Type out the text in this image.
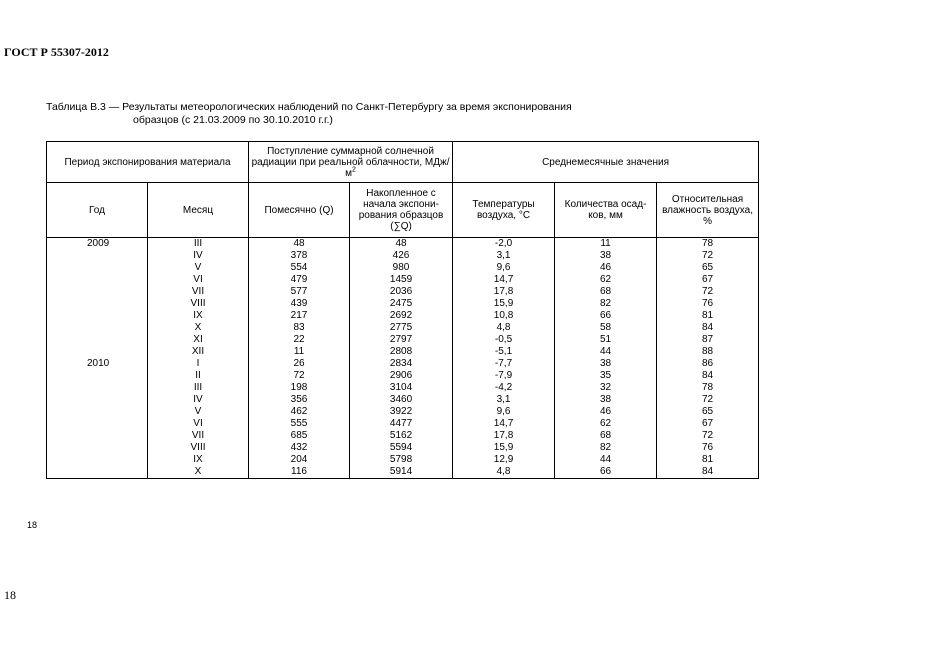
ГОСТ Р 55307-2012
Таблица В.3 — Результаты метеорологических наблюдений по Санкт-Петербургу за время экспонирования
образцов (с 21.03.2009 по 30.10.2010 г.г.)
Период экспонирования материала		Поступление суммарной солнечной радиации при реальной облачности, МДж/$м^2$		Среднемесячные значения		
Год	Месяц	Помесячно (Q)	Накопленное с начала экспони-рования образцов (∑Q)	Температуры воздуха, °С	Количества осад-ков, мм	Относительная влажность воздуха, %
2009	III	48	48	-2,0	11	78
	IV	378	426	3,1	38	72
	V	554	980	9,6	46	65
	VI	479	1459	14,7	62	67
	VII	577	2036	17,8	68	72
	VIII	439	2475	15,9	82	76
	IX	217	2692	10,8	66	81
	X	83	2775	4,8	58	84
	XI	22	2797	-0,5	51	87
	XII	11	2808	-5,1	44	88
2010	I	26	2834	-7,7	38	86
	II	72	2906	-7,9	35	84
	III	198	3104	-4,2	32	78
	IV	356	3460	3,1	38	72
	V	462	3922	9,6	46	65
	VI	555	4477	14,7	62	67
	VII	685	5162	17,8	68	72
	VIII	432	5594	15,9	82	76
	IX	204	5798	12,9	44	81
	X	116	5914	4,8	66	84
18
18
